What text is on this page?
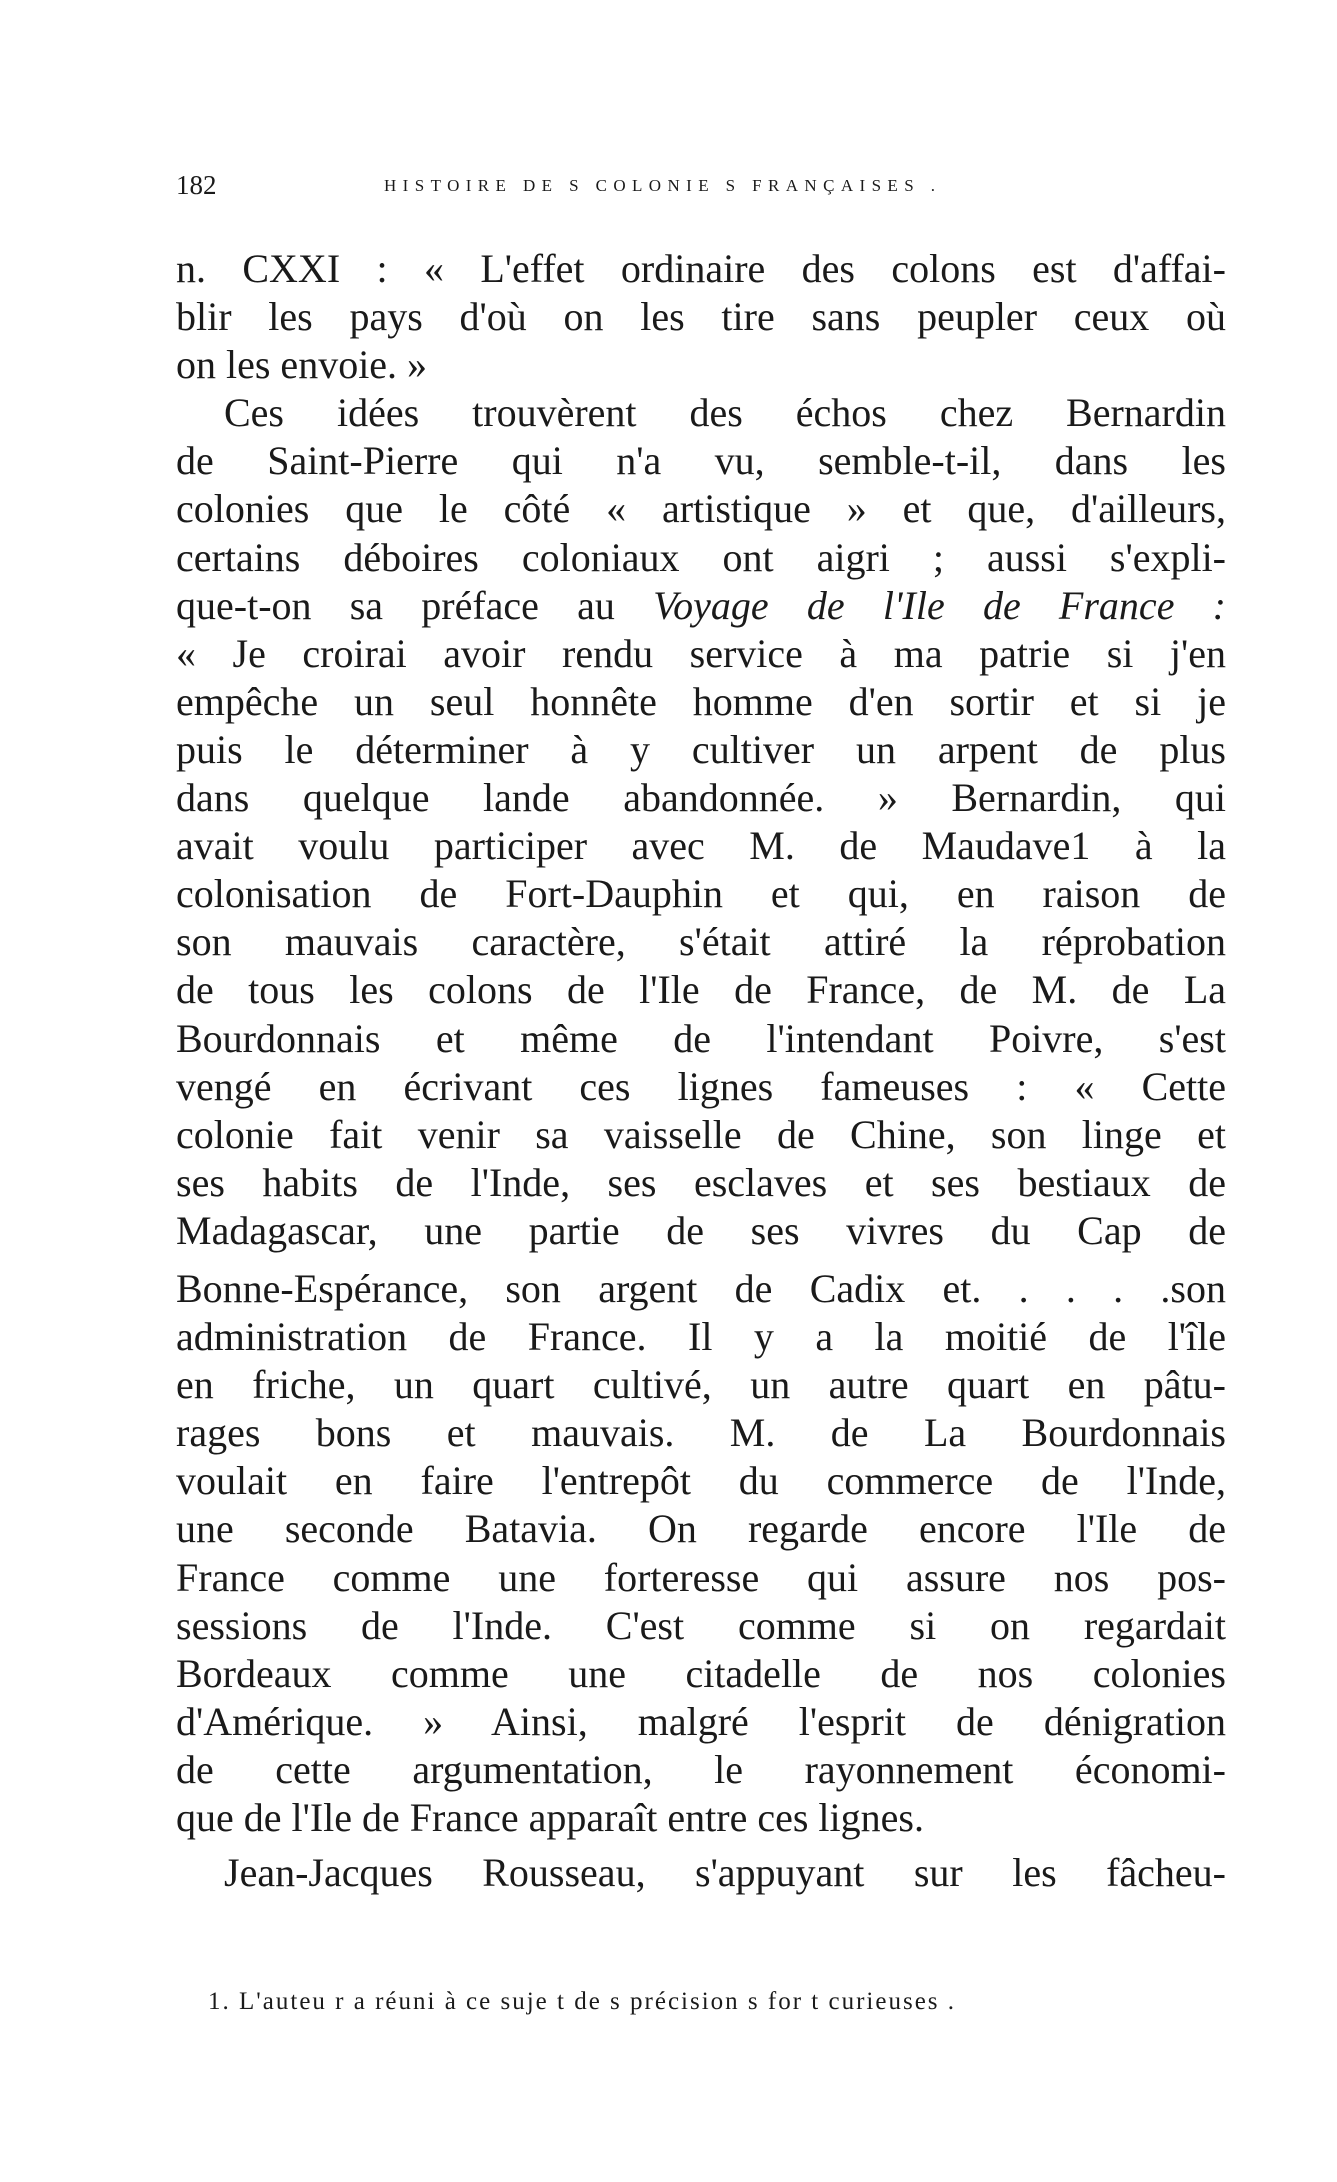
182	HISTOIRE DE S COLONIE S FRANÇAISES .
n. CXXI : « L'effet ordinaire des colons est d'affai-
blir les pays d'où on les tire sans peupler ceux où
on les envoie. »
Ces idées trouvèrent des échos chez Bernardin
de Saint-Pierre qui n'a vu, semble-t-il, dans les
colonies que le côté « artistique » et que, d'ailleurs,
certains déboires coloniaux ont aigri ; aussi s'expli-
que-t-on sa préface au Voyage de l'Ile de France :
« Je croirai avoir rendu service à ma patrie si j'en
empêche un seul honnête homme d'en sortir et si je
puis le déterminer à y cultiver un arpent de plus
dans quelque lande abandonnée. » Bernardin, qui
avait voulu participer avec M. de Maudave1 à la
colonisation de Fort-Dauphin et qui, en raison de
son mauvais caractère, s'était attiré la réprobation
de tous les colons de l'Ile de France, de M. de La
Bourdonnais et même de l'intendant Poivre, s'est
vengé en écrivant ces lignes fameuses : « Cette
colonie fait venir sa vaisselle de Chine, son linge et
ses habits de l'Inde, ses esclaves et ses bestiaux de
Madagascar, une partie de ses vivres du Cap de
Bonne-Espérance, son argent de Cadix et. . . . .son
administration de France. Il y a la moitié de l'île
en friche, un quart cultivé, un autre quart en pâtu-
rages bons et mauvais. M. de La Bourdonnais
voulait en faire l'entrepôt du commerce de l'Inde,
une seconde Batavia. On regarde encore l'Ile de
France comme une forteresse qui assure nos pos-
sessions de l'Inde. C'est comme si on regardait
Bordeaux comme une citadelle de nos colonies
d'Amérique. » Ainsi, malgré l'esprit de dénigration
de cette argumentation, le rayonnement économi-
que de l'Ile de France apparaît entre ces lignes.
Jean-Jacques Rousseau, s'appuyant sur les fâcheu-
1. L'auteu r a réuni à ce suje t de s précision s for t curieuses .
